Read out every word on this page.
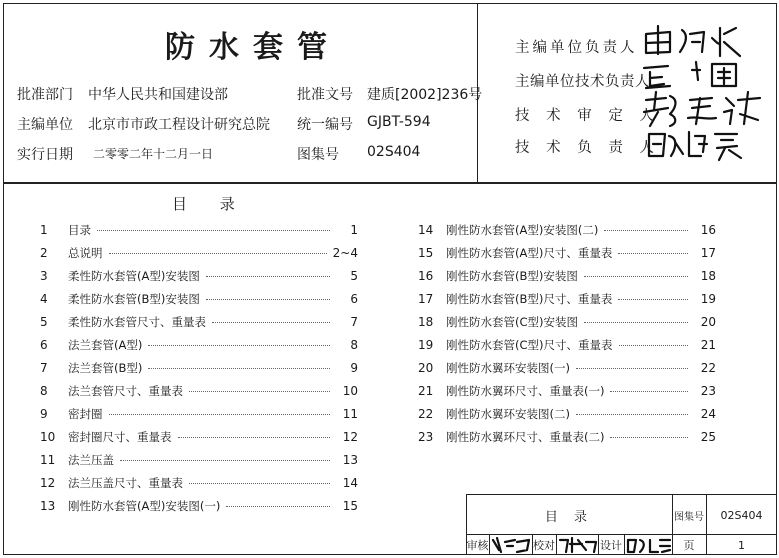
防水套管
批准部门 中华人民共和国建设部	批准文号 建质[2002]236号
主编单位 北京市市政工程设计研究总院 统一编号 GJBT-594
实行日期 二零零二年十二月一日	图集号 02S404
主编单位负责人
主编单位技术负责人
技 术 审 定 人
技 术 负 责 人
目 录
1	目录	1
2	总说明	2~4
3	柔性防水套管(A型)安装图	5
4	柔性防水套管(B型)安装图	6
5	柔性防水套管尺寸、重量表	7
6	法兰套管(A型)	8
7	法兰套管(B型)	9
8	法兰套管尺寸、重量表	10
9	密封圈	11
10	密封圈尺寸、重量表	12
11	法兰压盖	13
12	法兰压盖尺寸、重量表	14
13	刚性防水套管(A型)安装图(一)	15
14	刚性防水套管(A型)安装图(二)	16
15	刚性防水套管(A型)尺寸、重量表	17
16	刚性防水套管(B型)安装图	18
17	刚性防水套管(B型)尺寸、重量表	19
18	刚性防水套管(C型)安装图	20
19	刚性防水套管(C型)尺寸、重量表	21
20	刚性防水翼环安装图(一)	22
21	刚性防水翼环尺寸、重量表(一)	23
22	刚性防水翼环安装图(二)	24
23	刚性防水翼环尺寸、重量表(二)	25
目 录	图集号	02S404
审核	校对	设计	页	1
